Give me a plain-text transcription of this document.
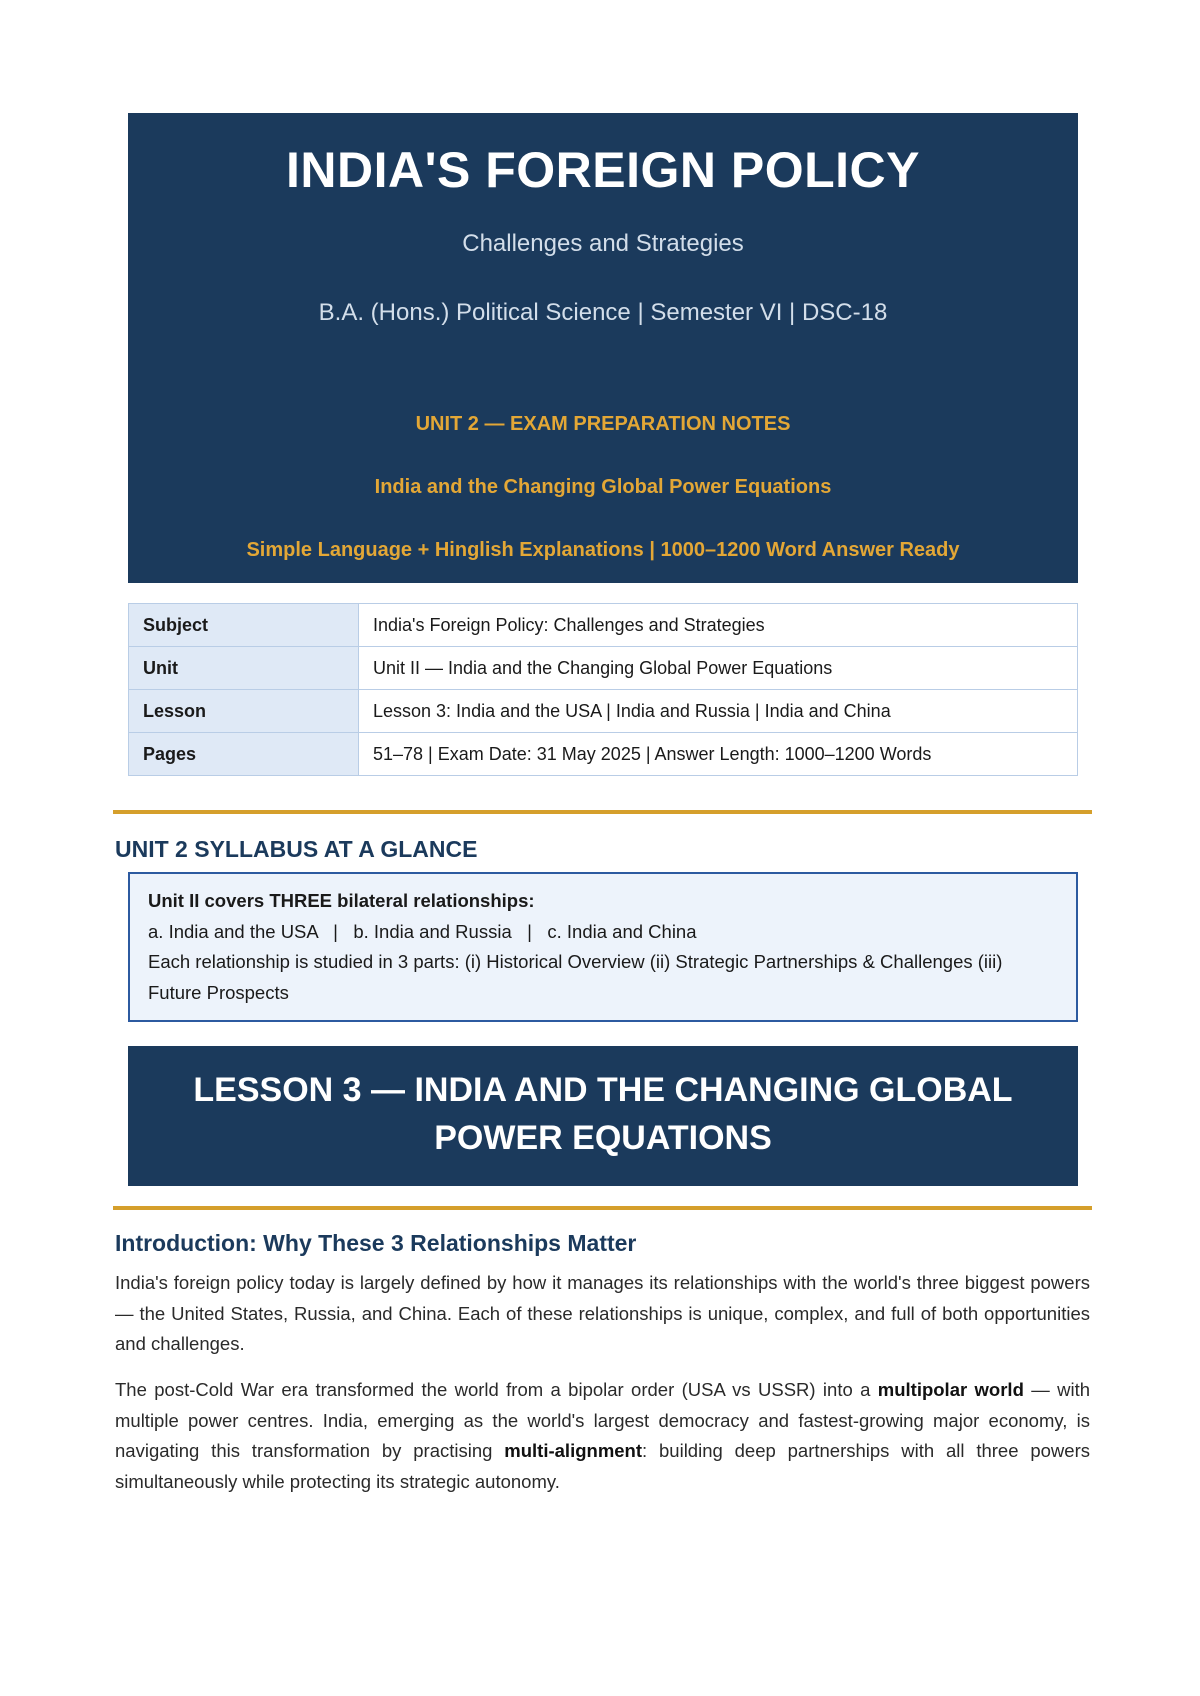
INDIA'S FOREIGN POLICY
Challenges and Strategies
B.A. (Hons.) Political Science | Semester VI | DSC-18
UNIT 2 — EXAM PREPARATION NOTES
India and the Changing Global Power Equations
Simple Language + Hinglish Explanations | 1000–1200 Word Answer Ready
Subject	India's Foreign Policy: Challenges and Strategies
Unit	Unit II — India and the Changing Global Power Equations
Lesson	Lesson 3: India and the USA | India and Russia | India and China
Pages	51–78 | Exam Date: 31 May 2025 | Answer Length: 1000–1200 Words
UNIT 2 SYLLABUS AT A GLANCE
Unit II covers THREE bilateral relationships:
a. India and the USA   |   b. India and Russia   |   c. India and China
Each relationship is studied in 3 parts: (i) Historical Overview (ii) Strategic Partnerships & Challenges (iii) Future Prospects
LESSON 3 — INDIA AND THE CHANGING GLOBAL
POWER EQUATIONS
Introduction: Why These 3 Relationships Matter

India's foreign policy today is largely defined by how it manages its relationships with the world's three biggest powers — the United States, Russia, and China. Each of these relationships is unique, complex, and full of both opportunities and challenges.

The post-Cold War era transformed the world from a bipolar order (USA vs USSR) into a multipolar world — with multiple power centres. India, emerging as the world's largest democracy and fastest-growing major economy, is navigating this transformation by practising multi-alignment: building deep partnerships with all three powers simultaneously while protecting its strategic autonomy.
